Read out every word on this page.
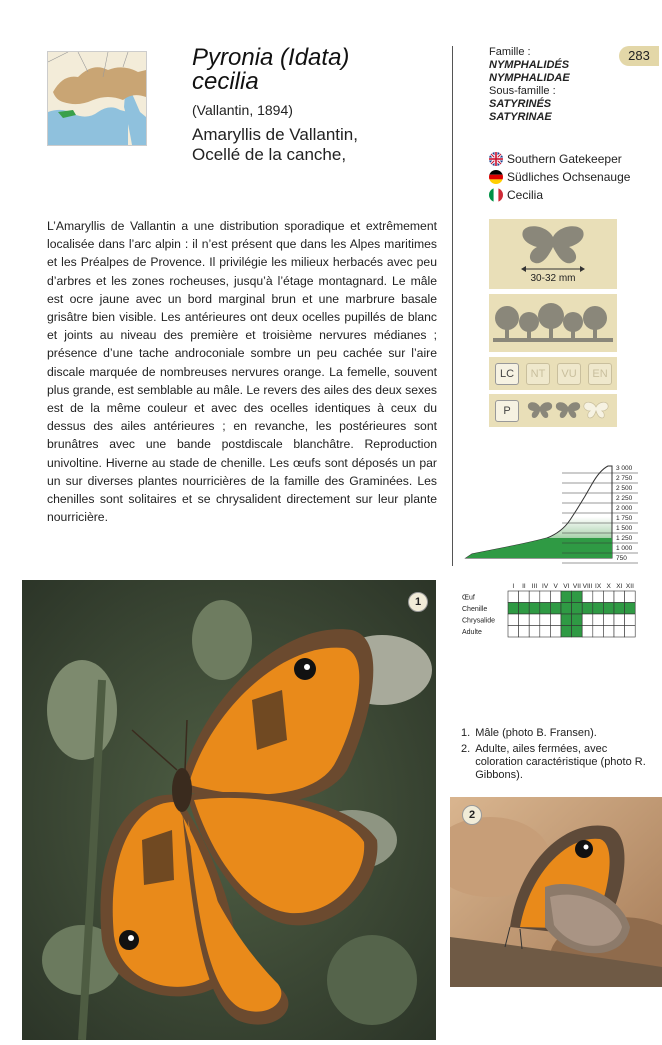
Pyronia (Idata)
cecilia
(Vallantin, 1894)
Amaryllis de Vallantin,
Ocellé de la canche,
283
Famille :
NYMPHALIDÉS
NYMPHALIDAE
Sous-famille :
SATYRINÉS
SATYRINAE
Southern Gatekeeper
Südliches Ochsenauge
Cecilia
30-32 mm
LC	NT	VU	EN
P
L’Amaryllis de Vallantin a une distribution sporadique et extrêmement localisée dans l’arc alpin : il n’est présent que dans les Alpes maritimes et les Préalpes de Provence. Il privilégie les milieux herbacés avec peu d’arbres et les zones rocheuses, jusqu’à l’étage montagnard. Le mâle est ocre jaune avec un bord marginal brun et une marbrure basale grisâtre bien visible. Les antérieures ont deux ocelles pupillés de blanc et joints au niveau des première et troisième nervures médianes ; présence d’une tache androconiale sombre un peu cachée sur l’aire discale marquée de nombreuses nervures orange. La femelle, souvent plus grande, est semblable au mâle. Le revers des ailes des deux sexes est de la même couleur et avec des ocelles identiques à ceux du dessus des ailes antérieures ; en revanche, les postérieures sont brunâtres avec une bande postdiscale blanchâtre. Reproduction univoltine. Hiverne au stade de chenille. Les œufs sont déposés un par un sur diverses plantes nourricières de la famille des Graminées. Les chenilles sont solitaires et se chrysalident directement sur leur plante nourricière.
3 000
2 750
2 500
2 250
2 000
1 750
1 500
1 250
1 000
750
I II III IV V VI VII VIII IX X XI XII
Œuf
Chenille
Chrysalide
Adulte
1. Mâle (photo B. Fransen).
2. Adulte, ailes fermées, avec coloration caractéristique (photo R. Gibbons).
1
2
